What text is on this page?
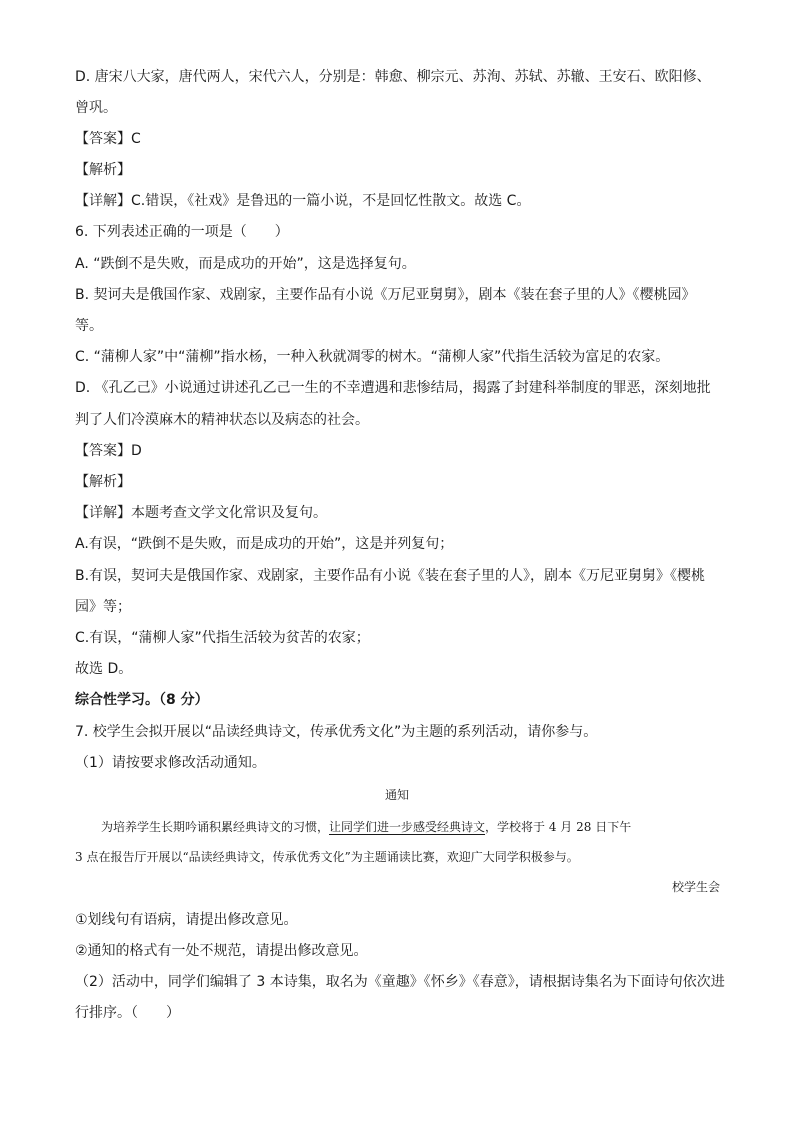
D. 唐宋八大家，唐代两人，宋代六人，分别是：韩愈、柳宗元、苏洵、苏轼、苏辙、王安石、欧阳修、
曾巩。
【答案】C
【解析】
【详解】C.错误，《社戏》是鲁迅的一篇小说，不是回忆性散文。故选 C。
6. 下列表述正确的一项是（　　）
A. “跌倒不是失败，而是成功的开始”，这是选择复句。
B. 契诃夫是俄国作家、戏剧家，主要作品有小说《万尼亚舅舅》，剧本《装在套子里的人》《樱桃园》
等。
C. “蒲柳人家”中“蒲柳”指水杨，一种入秋就凋零的树木。“蒲柳人家”代指生活较为富足的农家。
D. 《孔乙己》小说通过讲述孔乙己一生的不幸遭遇和悲惨结局，揭露了封建科举制度的罪恶，深刻地批
判了人们冷漠麻木的精神状态以及病态的社会。
【答案】D
【解析】
【详解】本题考查文学文化常识及复句。
A.有误，“跌倒不是失败，而是成功的开始”，这是并列复句；
B.有误，契诃夫是俄国作家、戏剧家，主要作品有小说《装在套子里的人》，剧本《万尼亚舅舅》《樱桃
园》等；
C.有误，“蒲柳人家”代指生活较为贫苦的农家；
故选 D。
综合性学习。（8 分）
7. 校学生会拟开展以“品读经典诗文，传承优秀文化”为主题的系列活动，请你参与。
（1）请按要求修改活动通知。
通知
为培养学生长期吟诵积累经典诗文的习惯，让同学们进一步感受经典诗文，学校将于 4 月 28 日下午
3 点在报告厅开展以“品读经典诗文，传承优秀文化”为主题诵读比赛，欢迎广大同学积极参与。
校学生会
①划线句有语病，请提出修改意见。
②通知的格式有一处不规范，请提出修改意见。
（2）活动中，同学们编辑了 3 本诗集，取名为《童趣》《怀乡》《春意》，请根据诗集名为下面诗句依次进
行排序。（　　）
